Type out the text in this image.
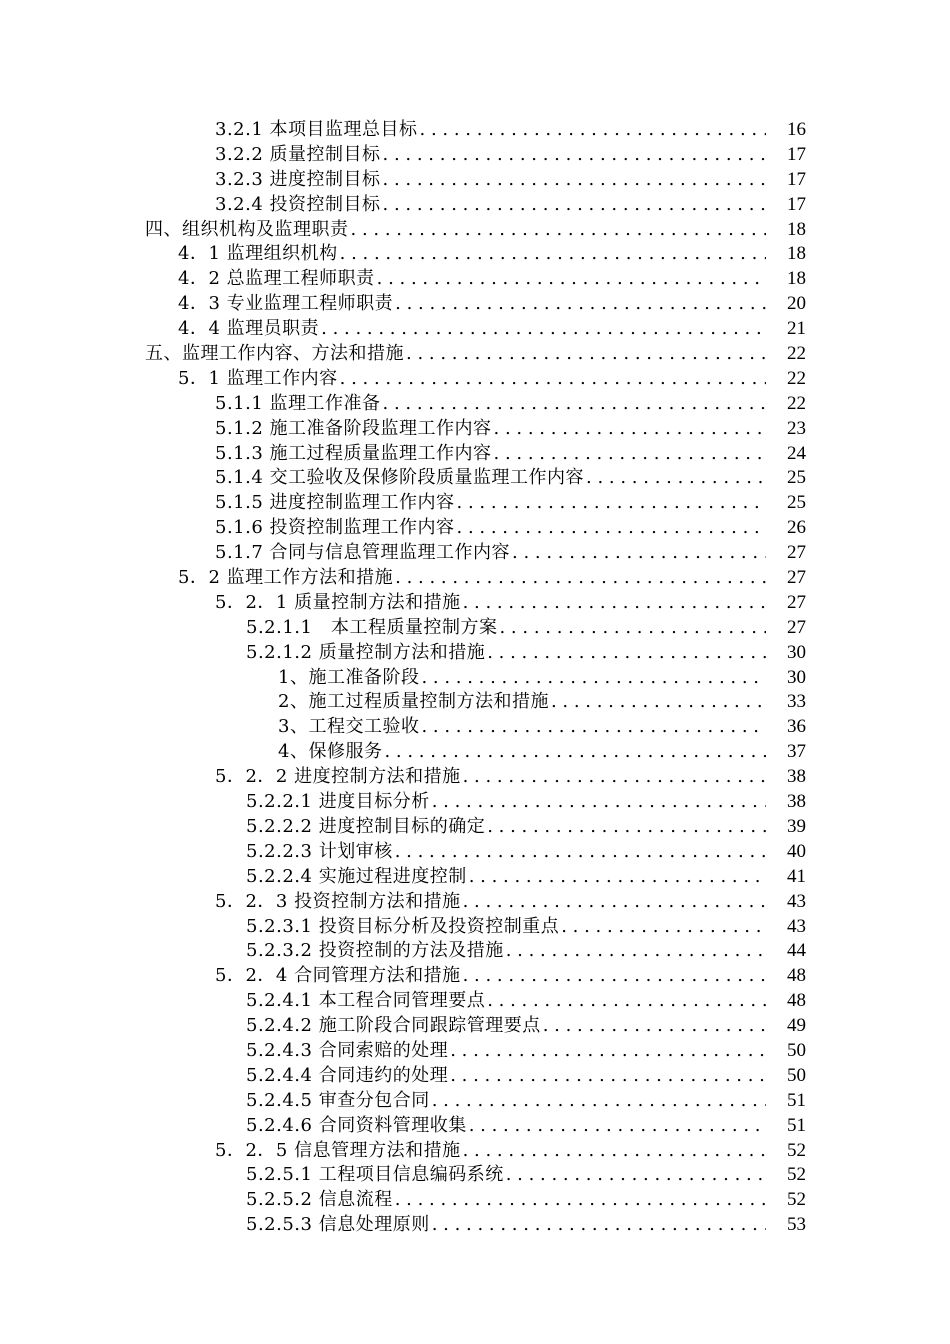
3.2.1 本项目监理总目标 . . .	16
3.2.2 质量控制目标 . . .	17
3.2.3 进度控制目标 . . .	17
3.2.4 投资控制目标 . . .	17
四、组织机构及监理职责 . . .	18
4．1 监理组织机构 . . .	18
4．2 总监理工程师职责 . . .	18
4．3 专业监理工程师职责 . . .	20
4．4 监理员职责 . . .	21
五、监理工作内容、方法和措施 . . .	22
5．1 监理工作内容 . . .	22
5.1.1 监理工作准备 . . .	22
5.1.2 施工准备阶段监理工作内容 . . .	23
5.1.3 施工过程质量监理工作内容 . . .	24
5.1.4 交工验收及保修阶段质量监理工作内容 . . .	25
5.1.5 进度控制监理工作内容 . . .	25
5.1.6 投资控制监理工作内容 . . .	26
5.1.7 合同与信息管理监理工作内容 . . .	27
5．2 监理工作方法和措施 . . .	27
5．2．1 质量控制方法和措施 . . .	27
5.2.1.1　本工程质量控制方案 . . .	27
5.2.1.2 质量控制方法和措施 . . .	30
1、施工准备阶段 . . .	30
2、施工过程质量控制方法和措施 . . .	33
3、工程交工验收 . . .	36
4、保修服务 . . .	37
5．2．2 进度控制方法和措施 . . .	38
5.2.2.1 进度目标分析 . . .	38
5.2.2.2 进度控制目标的确定 . . .	39
5.2.2.3 计划审核 . . .	40
5.2.2.4 实施过程进度控制 . . .	41
5．2．3 投资控制方法和措施 . . .	43
5.2.3.1 投资目标分析及投资控制重点 . . .	43
5.2.3.2 投资控制的方法及措施 . . .	44
5．2．4 合同管理方法和措施 . . .	48
5.2.4.1 本工程合同管理要点 . . .	48
5.2.4.2 施工阶段合同跟踪管理要点 . . .	49
5.2.4.3 合同索赔的处理 . . .	50
5.2.4.4 合同违约的处理 . . .	50
5.2.4.5 审查分包合同 . . .	51
5.2.4.6 合同资料管理收集 . . .	51
5．2．5 信息管理方法和措施 . . .	52
5.2.5.1 工程项目信息编码系统 . . .	52
5.2.5.2 信息流程 . . .	52
5.2.5.3 信息处理原则 . . .	53
